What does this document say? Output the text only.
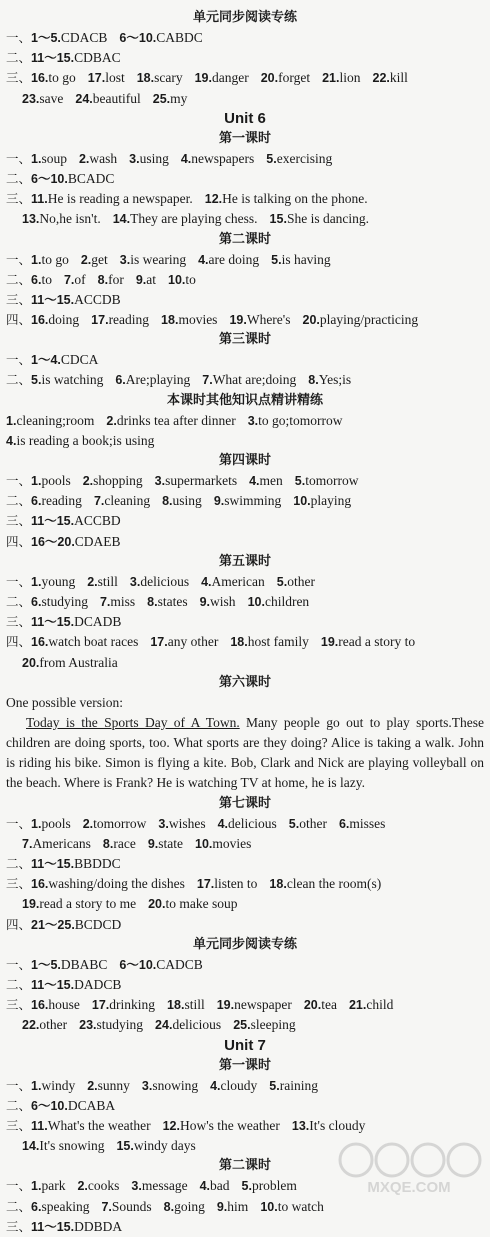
单元同步阅读专练
一、1～5.CDACB 6～10.CABDC
二、11～15.CDBAC
三、16.to go 17.lost 18.scary 19.danger 20.forget 21.lion 22.kill
23.save 24.beautiful 25.my
Unit 6
第一课时
一、1.soup 2.wash 3.using 4.newspapers 5.exercising
二、6～10.BCADC
三、11.He is reading a newspaper. 12.He is talking on the phone.
13.No,he isn't. 14.They are playing chess. 15.She is dancing.
第二课时
一、1.to go 2.get 3.is wearing 4.are doing 5.is having
二、6.to 7.of 8.for 9.at 10.to
三、11～15.ACCDB
四、16.doing 17.reading 18.movies 19.Where's 20.playing/practicing
第三课时
一、1～4.CDCA
二、5.is watching 6.Are;playing 7.What are;doing 8.Yes;is
本课时其他知识点精讲精练
1.cleaning;room 2.drinks tea after dinner 3.to go;tomorrow
4.is reading a book;is using
第四课时
一、1.pools 2.shopping 3.supermarkets 4.men 5.tomorrow
二、6.reading 7.cleaning 8.using 9.swimming 10.playing
三、11～15.ACCBD
四、16～20.CDAEB
第五课时
一、1.young 2.still 3.delicious 4.American 5.other
二、6.studying 7.miss 8.states 9.wish 10.children
三、11～15.DCADB
四、16.watch boat races 17.any other 18.host family 19.read a story to
20.from Australia
第六课时
One possible version:
Today is the Sports Day of A Town. Many people go out to play sports.These children are doing sports, too. What sports are they doing? Alice is taking a walk. John is riding his bike. Simon is flying a kite. Bob, Clark and Nick are playing volleyball on the beach. Where is Frank? He is watching TV at home, he is lazy.
第七课时
一、1.pools 2.tomorrow 3.wishes 4.delicious 5.other 6.misses
7.Americans 8.race 9.state 10.movies
二、11～15.BBDDC
三、16.washing/doing the dishes 17.listen to 18.clean the room(s)
19.read a story to me 20.to make soup
四、21～25.BCDCD
单元同步阅读专练
一、1～5.DBABC 6～10.CADCB
二、11～15.DADCB
三、16.house 17.drinking 18.still 19.newspaper 20.tea 21.child
22.other 23.studying 24.delicious 25.sleeping
Unit 7
第一课时
一、1.windy 2.sunny 3.snowing 4.cloudy 5.raining
二、6～10.DCABA
三、11.What's the weather 12.How's the weather 13.It's cloudy
14.It's snowing 15.windy days
第二课时
一、1.park 2.cooks 3.message 4.bad 5.problem
二、6.speaking 7.Sounds 8.going 9.him 10.to watch
三、11～15.DDBDA
MXQE.COM
